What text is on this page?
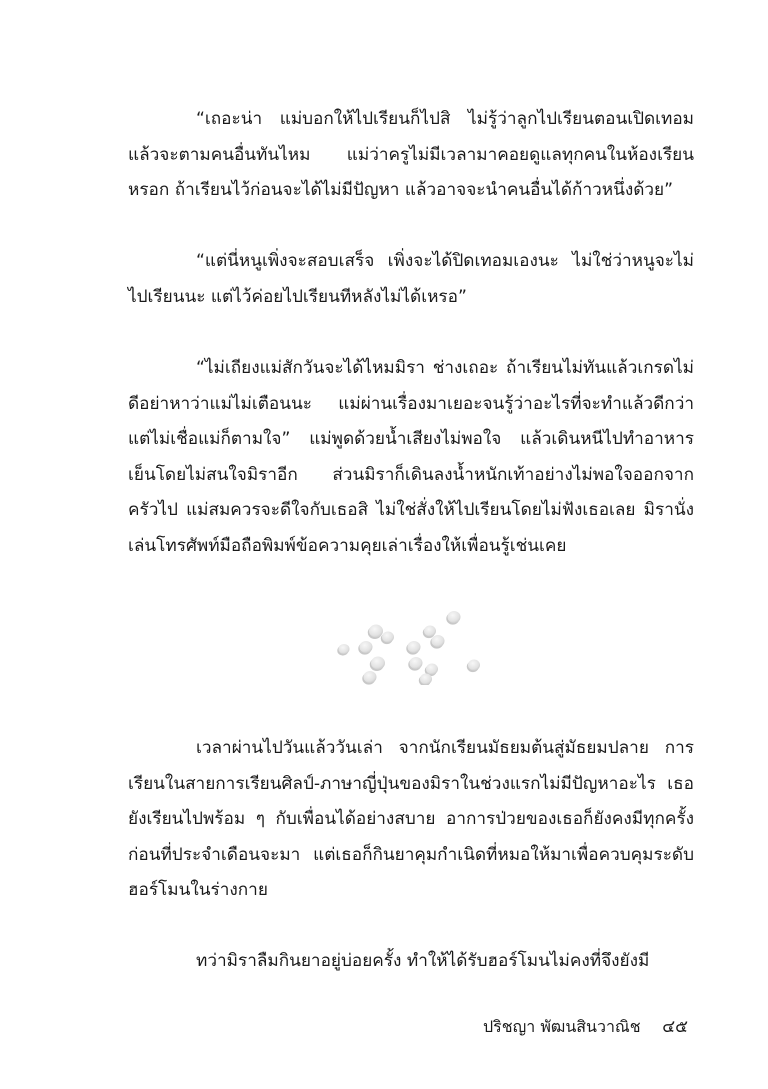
“เถอะน่า แม่บอกให้ไปเรียนก็ไปสิ ไม่รู้ว่าลูกไปเรียนตอนเปิดเทอมแล้วจะตามคนอื่นทันไหม แม่ว่าครูไม่มีเวลามาคอยดูแลทุกคนในห้องเรียนหรอก ถ้าเรียนไว้ก่อนจะได้ไม่มีปัญหา แล้วอาจจะนำคนอื่นได้ก้าวหนึ่งด้วย”

“แต่นี่หนูเพิ่งจะสอบเสร็จ เพิ่งจะได้ปิดเทอมเองนะ ไม่ใช่ว่าหนูจะไม่ไปเรียนนะ แต่ไว้ค่อยไปเรียนทีหลังไม่ได้เหรอ”

“ไม่เถียงแม่สักวันจะได้ไหมมิรา ช่างเถอะ ถ้าเรียนไม่ทันแล้วเกรดไม่ดีอย่าหาว่าแม่ไม่เตือนนะ แม่ผ่านเรื่องมาเยอะจนรู้ว่าอะไรที่จะทำแล้วดีกว่า แต่ไม่เชื่อแม่ก็ตามใจ” แม่พูดด้วยน้ำเสียงไม่พอใจ แล้วเดินหนีไปทำอาหารเย็นโดยไม่สนใจมิราอีก ส่วนมิราก็เดินลงน้ำหนักเท้าอย่างไม่พอใจออกจากครัวไป แม่สมควรจะดีใจกับเธอสิ ไม่ใช่สั่งให้ไปเรียนโดยไม่ฟังเธอเลย มิรานั่งเล่นโทรศัพท์มือถือพิมพ์ข้อความคุยเล่าเรื่องให้เพื่อนรู้เช่นเคย

เวลาผ่านไปวันแล้ววันเล่า จากนักเรียนมัธยมต้นสู่มัธยมปลาย การเรียนในสายการเรียนศิลป์-ภาษาญี่ปุ่นของมิราในช่วงแรกไม่มีปัญหาอะไร เธอยังเรียนไปพร้อม ๆ กับเพื่อนได้อย่างสบาย อาการป่วยของเธอก็ยังคงมีทุกครั้งก่อนที่ประจำเดือนจะมา แต่เธอก็กินยาคุมกำเนิดที่หมอให้มาเพื่อควบคุมระดับฮอร์โมนในร่างกาย

ทว่ามิราลืมกินยาอยู่บ่อยครั้ง ทำให้ได้รับฮอร์โมนไม่คงที่จึงยังมี

ปริชญา พัฒนสินวาณิช ๔๕
